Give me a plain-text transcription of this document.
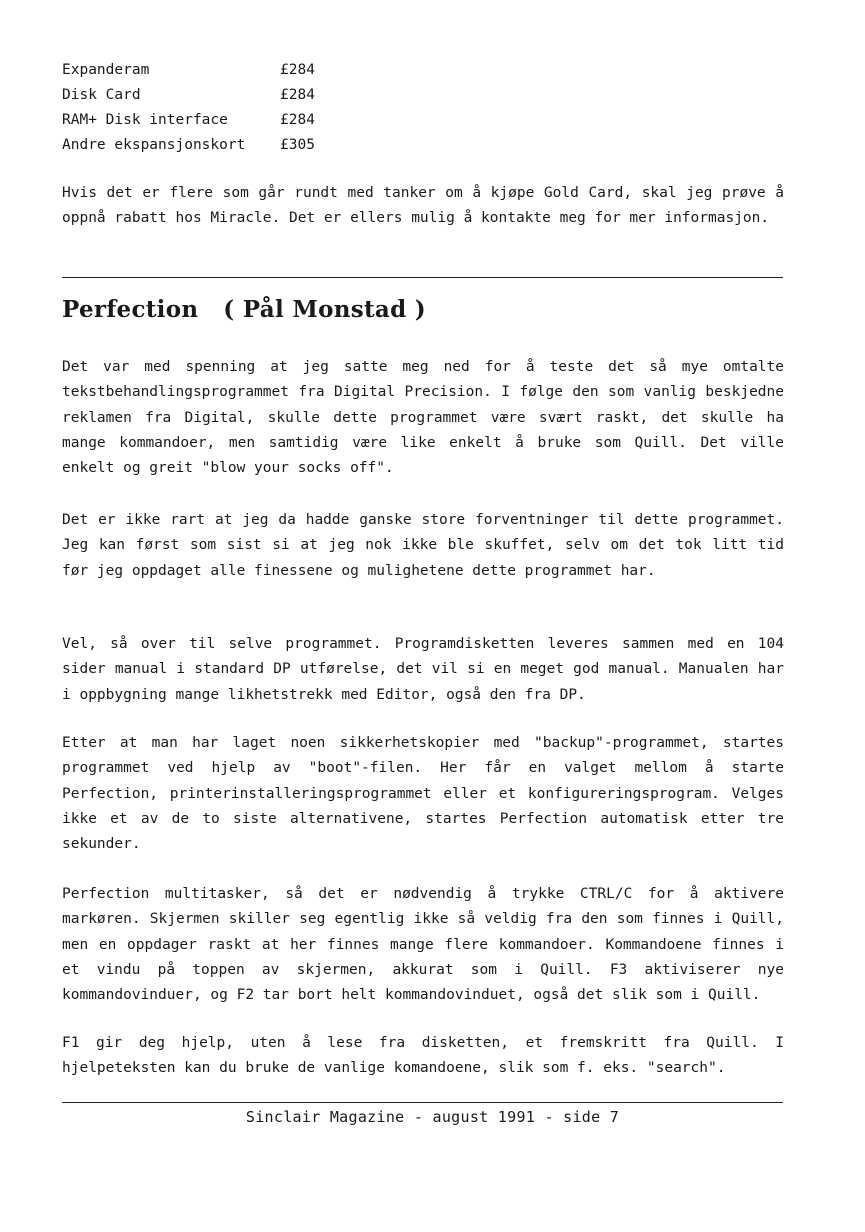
Expanderam	£284
Disk Card	£284
RAM+ Disk interface	£284
Andre ekspansjonskort	£305

Hvis det er flere som går rundt med tanker om å kjøpe Gold Card, skal jeg prøve å oppnå rabatt hos Miracle. Det er ellers mulig å kontakte meg for mer informasjon.

Perfection   ( Pål Monstad )

Det var med spenning at jeg satte meg ned for å teste det så mye omtalte tekstbehandlingsprogrammet fra Digital Precision. I følge den som vanlig beskjedne reklamen fra Digital, skulle dette programmet være svært raskt, det skulle ha mange kommandoer, men samtidig være like enkelt å bruke som Quill. Det ville enkelt og greit "blow your socks off".

Det er ikke rart at jeg da hadde ganske store forventninger til dette programmet. Jeg kan først som sist si at jeg nok ikke ble skuffet, selv om det tok litt tid før jeg oppdaget alle finessene og mulighetene dette programmet har.

Vel, så over til selve programmet. Programdisketten leveres sammen med en 104 sider manual i standard DP utførelse, det vil si en meget god manual. Manualen har i oppbygning mange likhetstrekk med Editor, også den fra DP.

Etter at man har laget noen sikkerhetskopier med "backup"-programmet, startes programmet ved hjelp av "boot"-filen. Her får en valget mellom å starte Perfection, printerinstalleringsprogrammet eller et konfigureringsprogram. Velges ikke et av de to siste alternativene, startes Perfection automatisk etter tre sekunder.

Perfection multitasker, så det er nødvendig å trykke CTRL/C for å aktivere markøren. Skjermen skiller seg egentlig ikke så veldig fra den som finnes i Quill, men en oppdager raskt at her finnes mange flere kommandoer. Kommandoene finnes i et vindu på toppen av skjermen, akkurat som i Quill. F3 aktiviserer nye kommandovinduer, og F2 tar bort helt kommandovinduet, også det slik som i Quill.

F1 gir deg hjelp, uten å lese fra disketten, et fremskritt fra Quill. I hjelpeteksten kan du bruke de vanlige komandoene, slik som f. eks. "search".

Sinclair Magazine - august 1991 - side 7
